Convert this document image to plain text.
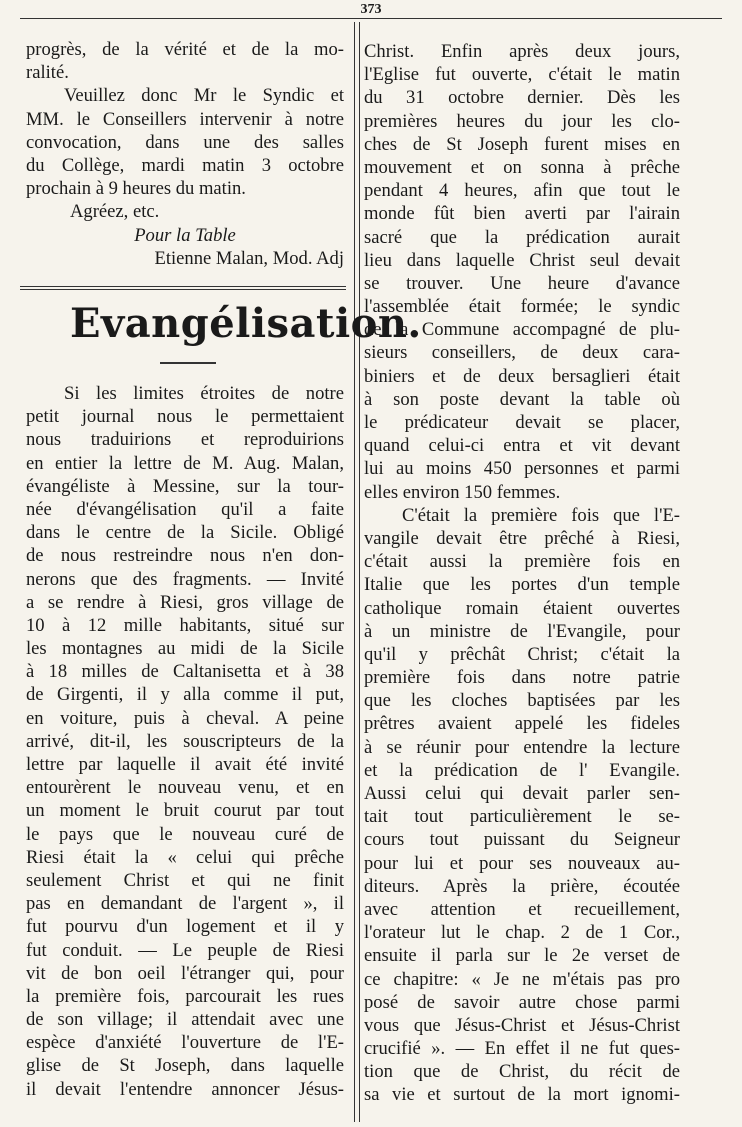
373
progrès, de la vérité et de la mo-
ralité.
Veuillez donc Mr le Syndic et
MM. le Conseillers intervenir à notre
convocation, dans une des salles
du Collège, mardi matin 3 octobre
prochain à 9 heures du matin.
Agréez, etc.
Pour la Table
Etienne Malan, Mod. Adj
Evangélisation.
Si les limites étroites de notre
petit journal nous le permettaient
nous traduirions et reproduirions
en entier la lettre de M. Aug. Malan,
évangéliste à Messine, sur la tour-
née d'évangélisation qu'il a faite
dans le centre de la Sicile. Obligé
de nous restreindre nous n'en don-
nerons que des fragments. — Invité
a se rendre à Riesi, gros village de
10 à 12 mille habitants, situé sur
les montagnes au midi de la Sicile
à 18 milles de Caltanisetta et à 38
de Girgenti, il y alla comme il put,
en voiture, puis à cheval. A peine
arrivé, dit-il, les souscripteurs de la
lettre par laquelle il avait été invité
entourèrent le nouveau venu, et en
un moment le bruit courut par tout
le pays que le nouveau curé de
Riesi était la « celui qui prêche
seulement Christ et qui ne finit
pas en demandant de l'argent », il
fut pourvu d'un logement et il y
fut conduit. — Le peuple de Riesi
vit de bon oeil l'étranger qui, pour
la première fois, parcourait les rues
de son village; il attendait avec une
espèce d'anxiété l'ouverture de l'E-
glise de St Joseph, dans laquelle
il devait l'entendre annoncer Jésus-
Christ. Enfin après deux jours,
l'Eglise fut ouverte, c'était le matin
du 31 octobre dernier. Dès les
premières heures du jour les clo-
ches de St Joseph furent mises en
mouvement et on sonna à prêche
pendant 4 heures, afin que tout le
monde fût bien averti par l'airain
sacré que la prédication aurait
lieu dans laquelle Christ seul devait
se trouver. Une heure d'avance
l'assemblée était formée; le syndic
de la Commune accompagné de plu-
sieurs conseillers, de deux cara-
biniers et de deux bersaglieri était
à son poste devant la table où
le prédicateur devait se placer,
quand celui-ci entra et vit devant
lui au moins 450 personnes et parmi
elles environ 150 femmes.
C'était la première fois que l'E-
vangile devait être prêché à Riesi,
c'était aussi la première fois en
Italie que les portes d'un temple
catholique romain étaient ouvertes
à un ministre de l'Evangile, pour
qu'il y prêchât Christ; c'était la
première fois dans notre patrie
que les cloches baptisées par les
prêtres avaient appelé les fideles
à se réunir pour entendre la lecture
et la prédication de l' Evangile.
Aussi celui qui devait parler sen-
tait tout particulièrement le se-
cours tout puissant du Seigneur
pour lui et pour ses nouveaux au-
diteurs. Après la prière, écoutée
avec attention et recueillement,
l'orateur lut le chap. 2 de 1 Cor.,
ensuite il parla sur le 2e verset de
ce chapitre: « Je ne m'étais pas pro
posé de savoir autre chose parmi
vous que Jésus-Christ et Jésus-Christ
crucifié ». — En effet il ne fut ques-
tion que de Christ, du récit de
sa vie et surtout de la mort ignomi-
